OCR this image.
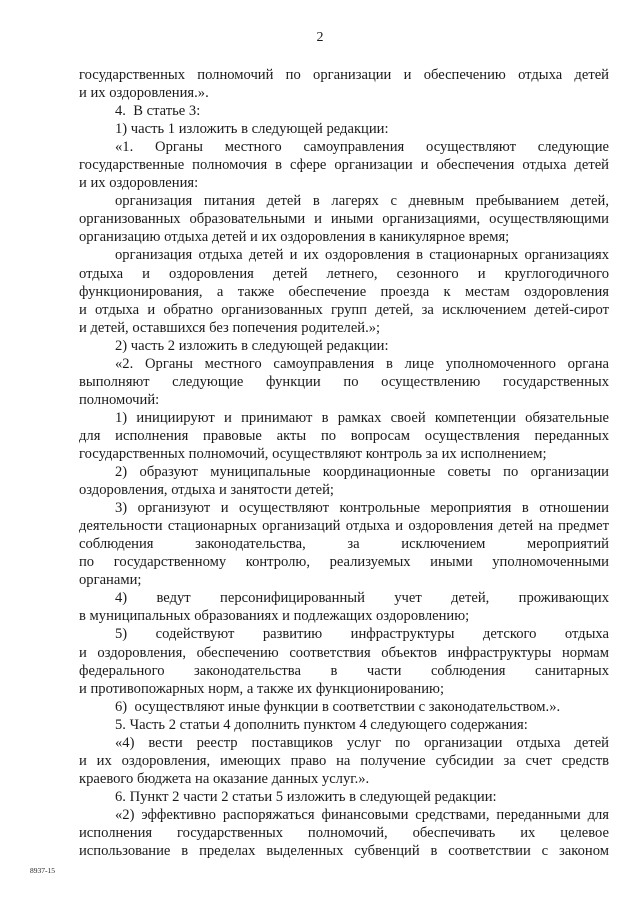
2
государственных полномочий по организации и обеспечению отдыха детей
и их оздоровления.».
4.  В статье 3:
1) часть 1 изложить в следующей редакции:
«1. Органы местного самоуправления осуществляют следующие
государственные полномочия в сфере организации и обеспечения отдыха детей
и их оздоровления:
организация питания детей в лагерях с дневным пребыванием детей,
организованных образовательными и иными организациями, осуществляющими
организацию отдыха детей и их оздоровления в каникулярное время;
организация отдыха детей и их оздоровления в стационарных организациях
отдыха и оздоровления детей летнего, сезонного и круглогодичного
функционирования, а также обеспечение проезда к местам оздоровления
и отдыха и обратно организованных групп детей, за исключением детей-сирот
и детей, оставшихся без попечения родителей.»;
2) часть 2 изложить в следующей редакции:
«2. Органы местного самоуправления в лице уполномоченного органа
выполняют следующие функции по осуществлению государственных
полномочий:
1) инициируют и принимают в рамках своей компетенции обязательные
для исполнения правовые акты по вопросам осуществления переданных
государственных полномочий, осуществляют контроль за их исполнением;
2) образуют муниципальные координационные советы по организации
оздоровления, отдыха и занятости детей;
3) организуют и осуществляют контрольные мероприятия в отношении
деятельности стационарных организаций отдыха и оздоровления детей на предмет
соблюдения законодательства, за исключением мероприятий
по государственному контролю, реализуемых иными уполномоченными
органами;
4) ведут персонифицированный учет детей, проживающих
в муниципальных образованиях и подлежащих оздоровлению;
5) содействуют развитию инфраструктуры детского отдыха
и оздоровления, обеспечению соответствия объектов инфраструктуры нормам
федерального законодательства в части соблюдения санитарных
и противопожарных норм, а также их функционированию;
6)  осуществляют иные функции в соответствии с законодательством.».
5. Часть 2 статьи 4 дополнить пунктом 4 следующего содержания:
«4) вести реестр поставщиков услуг по организации отдыха детей
и их оздоровления, имеющих право на получение субсидии за счет средств
краевого бюджета на оказание данных услуг.».
6. Пункт 2 части 2 статьи 5 изложить в следующей редакции:
«2) эффективно распоряжаться финансовыми средствами, переданными для
исполнения государственных полномочий, обеспечивать их целевое
использование в пределах выделенных субвенций в соответствии с законом
8937-15
